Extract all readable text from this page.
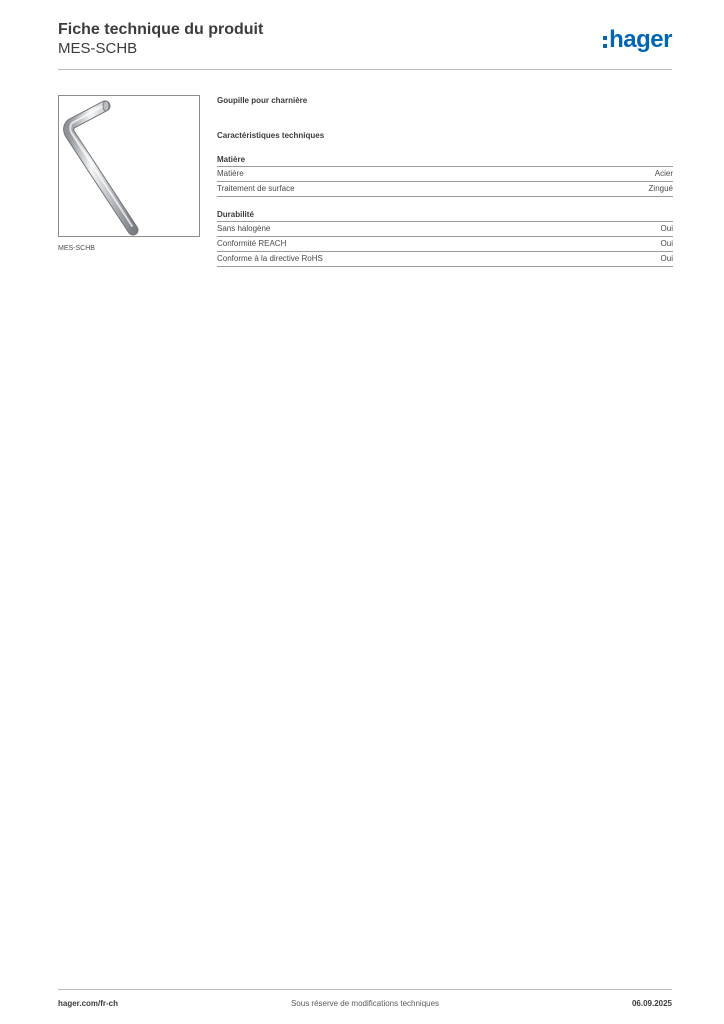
Fiche technique du produit
MES-SCHB	hager
MES-SCHB
Goupille pour charnière
Caractéristiques techniques
Matière
Matière	Acier
Traitement de surface	Zingué
Durabilité
Sans halogène	Oui
Conformité REACH	Oui
Conforme à la directive RoHS	Oui
hager.com/fr-ch	Sous réserve de modifications techniques	06.09.2025
